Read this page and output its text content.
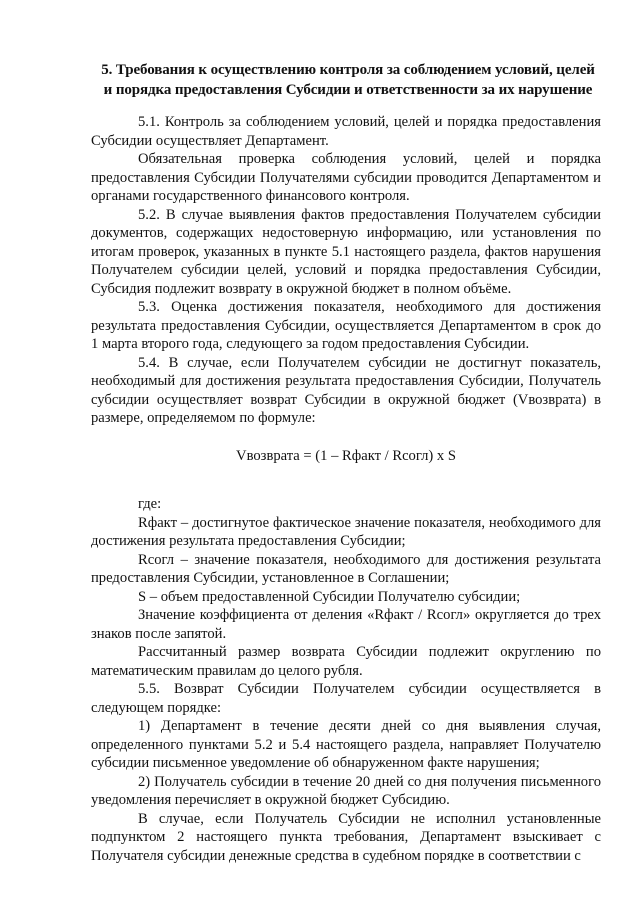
5. Требования к осуществлению контроля за соблюдением условий, целей
и порядка предоставления Субсидии и ответственности за их нарушение

5.1. Контроль за соблюдением условий, целей и порядка предоставления Субсидии осуществляет Департамент.

Обязательная проверка соблюдения условий, целей и порядка предоставления Субсидии Получателями субсидии проводится Департаментом и органами государственного финансового контроля.

5.2. В случае выявления фактов предоставления Получателем субсидии документов, содержащих недостоверную информацию, или установления по итогам проверок, указанных в пункте 5.1 настоящего раздела, фактов нарушения Получателем субсидии целей, условий и порядка предоставления Субсидии, Субсидия подлежит возврату в окружной бюджет в полном объёме.

5.3. Оценка достижения показателя, необходимого для достижения результата предоставления Субсидии, осуществляется Департаментом в срок до 1 марта второго года, следующего за годом предоставления Субсидии.

5.4. В случае, если Получателем субсидии не достигнут показатель, необходимый для достижения результата предоставления Субсидии, Получатель субсидии осуществляет возврат Субсидии в окружной бюджет (Vвозврата) в размере, определяемом по формуле:

Vвозврата = (1 – Rфакт / Rсогл) x S

где:

Rфакт – достигнутое фактическое значение показателя, необходимого для достижения результата предоставления Субсидии;

Rсогл – значение показателя, необходимого для достижения результата предоставления Субсидии, установленное в Соглашении;

S – объем предоставленной Субсидии Получателю субсидии;

Значение коэффициента от деления «Rфакт / Rсогл» округляется до трех знаков после запятой.

Рассчитанный размер возврата Субсидии подлежит округлению по математическим правилам до целого рубля.

5.5. Возврат Субсидии Получателем субсидии осуществляется в следующем порядке:

1) Департамент в течение десяти дней со дня выявления случая, определенного пунктами 5.2 и 5.4 настоящего раздела, направляет Получателю субсидии письменное уведомление об обнаруженном факте нарушения;

2) Получатель субсидии в течение 20 дней со дня получения письменного уведомления перечисляет в окружной бюджет Субсидию.

В случае, если Получатель Субсидии не исполнил установленные подпунктом 2 настоящего пункта требования, Департамент взыскивает с Получателя субсидии денежные средства в судебном порядке в соответствии с
